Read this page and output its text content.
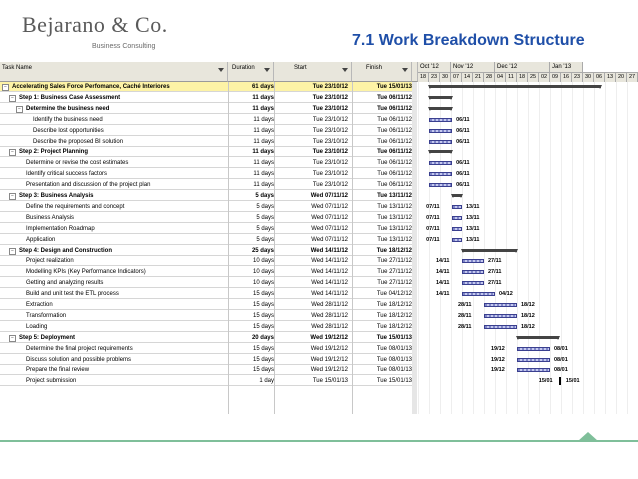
Bejarano & Co.
Business Consulting	7.1 Work Breakdown Structure
Task Name	Duration	Start	Finish
− Accelerating Sales Force Perfomance, Caché Interiores	61 days	Tue 23/10/12	Tue 15/01/13
− Step 1: Business Case Assessment	11 days	Tue 23/10/12	Tue 06/11/12
− Determine the business need	11 days	Tue 23/10/12	Tue 06/11/12
Identify the business need	11 days	Tue 23/10/12	Tue 06/11/12
Describe lost opportunities	11 days	Tue 23/10/12	Tue 06/11/12
Describe the proposed BI solution	11 days	Tue 23/10/12	Tue 06/11/12
− Step 2: Project Planning	11 days	Tue 23/10/12	Tue 06/11/12
Determine or revise the cost estimates	11 days	Tue 23/10/12	Tue 06/11/12
Identify critical success factors	11 days	Tue 23/10/12	Tue 06/11/12
Presentation and discussion of the project plan	11 days	Tue 23/10/12	Tue 06/11/12
− Step 3: Business Analysis	5 days	Wed 07/11/12	Tue 13/11/12
Define the requirements and concept	5 days	Wed 07/11/12	Tue 13/11/12
Business Analysis	5 days	Wed 07/11/12	Tue 13/11/12
Implementation Roadmap	5 days	Wed 07/11/12	Tue 13/11/12
Application	5 days	Wed 07/11/12	Tue 13/11/12
− Step 4: Design and Construction	25 days	Wed 14/11/12	Tue 18/12/12
Project realization	10 days	Wed 14/11/12	Tue 27/11/12
Modelling KPIs (Key Performance Indicators)	10 days	Wed 14/11/12	Tue 27/11/12
Getting and analyzing results	10 days	Wed 14/11/12	Tue 27/11/12
Build and unit test the ETL process	15 days	Wed 14/11/12	Tue 04/12/12
Extraction	15 days	Wed 28/11/12	Tue 18/12/12
Transformation	15 days	Wed 28/11/12	Tue 18/12/12
Loading	15 days	Wed 28/11/12	Tue 18/12/12
− Step 5: Deployment	20 days	Wed 19/12/12	Tue 15/01/13
Determine the final project requirements	15 days	Wed 19/12/12	Tue 08/01/13
Discuss solution and possible problems	15 days	Wed 19/12/12	Tue 08/01/13
Prepare the final review	15 days	Wed 19/12/12	Tue 08/01/13
Project submission	1 day	Tue 15/01/13	Tue 15/01/13
Oct '12	Nov '12	Dec '12	Jan '13
18 23 30 07 14 21 28 04 11 18 25 02 09 16 23 30 06 13 20 27
06/11
06/11
06/11
06/11
06/11
06/11
07/11	13/11
07/11	13/11
07/11	13/11
07/11	13/11
14/11	27/11
14/11	27/11
14/11	27/11
14/11	04/12
28/11	18/12
28/11	18/12
28/11	18/12
19/12	08/01
19/12	08/01
19/12	08/01
15/01 15/01
